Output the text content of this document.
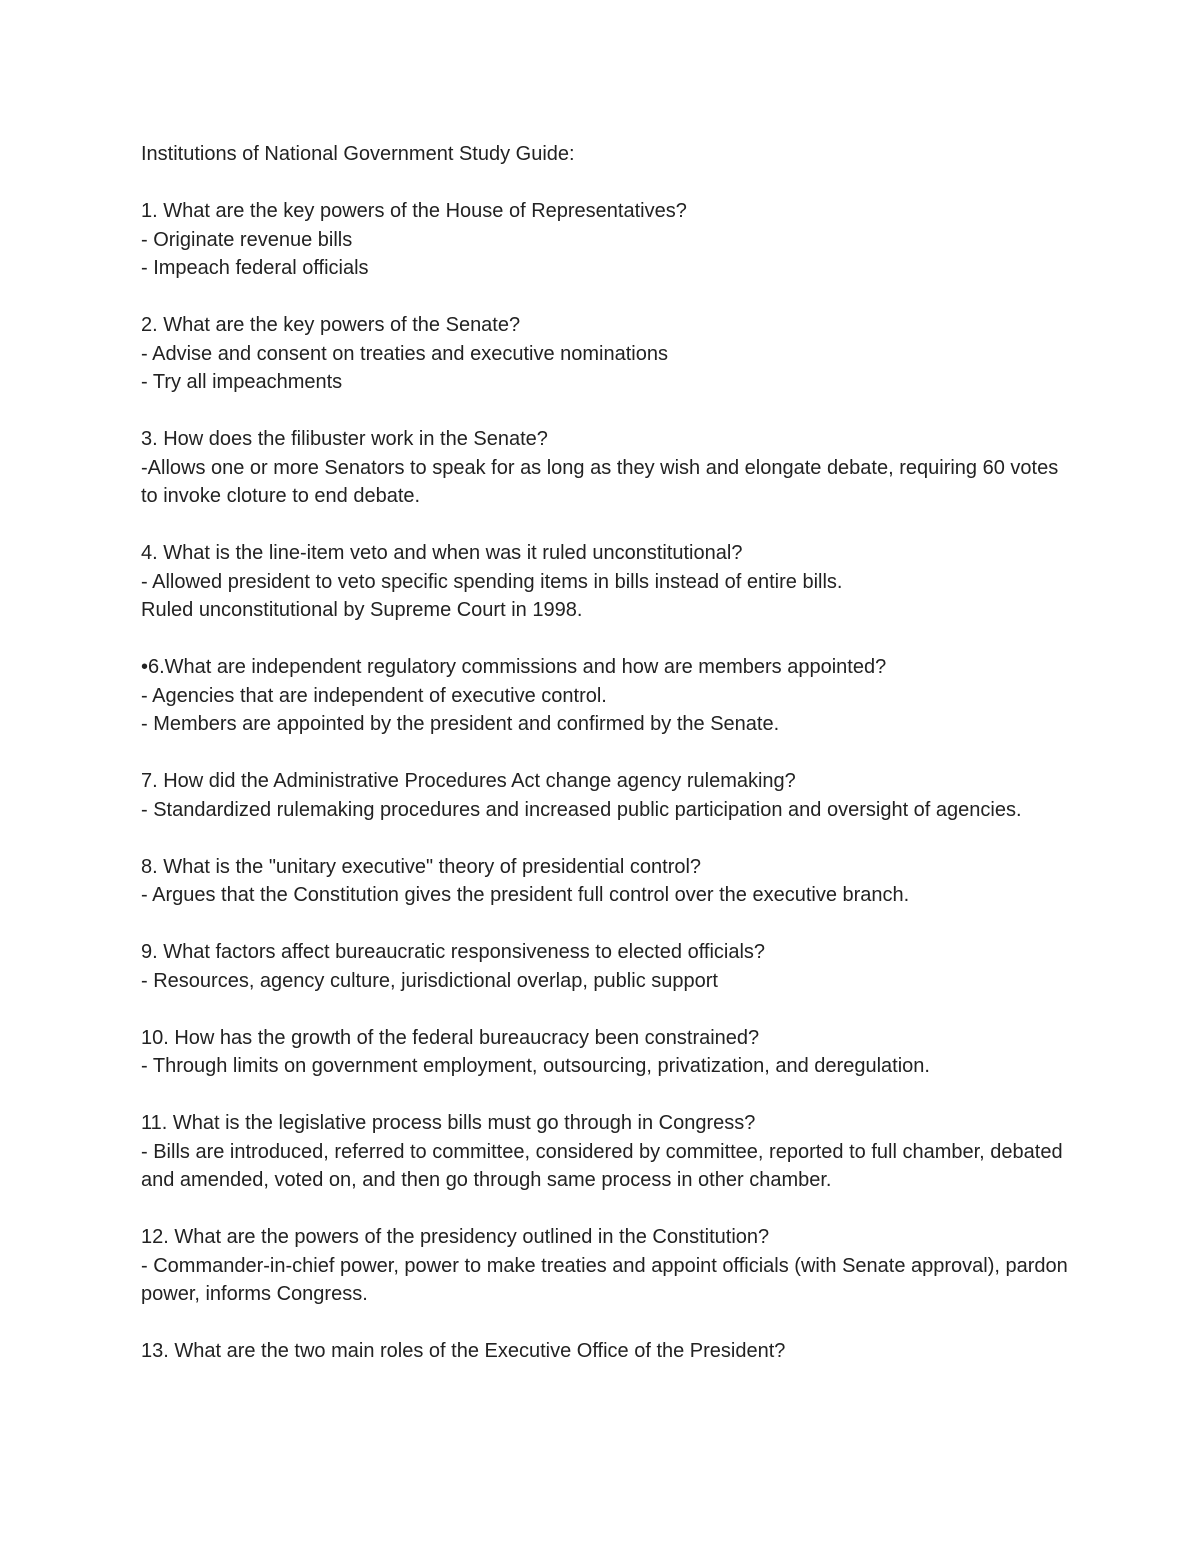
Institutions of National Government Study Guide:
1. What are the key powers of the House of Representatives?
- Originate revenue bills
- Impeach federal officials
2. What are the key powers of the Senate?
- Advise and consent on treaties and executive nominations
- Try all impeachments
3. How does the filibuster work in the Senate?
-Allows one or more Senators to speak for as long as they wish and elongate debate, requiring 60 votes to invoke cloture to end debate.
4. What is the line-item veto and when was it ruled unconstitutional?
- Allowed president to veto specific spending items in bills instead of entire bills.
Ruled unconstitutional by Supreme Court in 1998.
•6.What are independent regulatory commissions and how are members appointed?
- Agencies that are independent of executive control.
- Members are appointed by the president and confirmed by the Senate.
7. How did the Administrative Procedures Act change agency rulemaking?
- Standardized rulemaking procedures and increased public participation and oversight of agencies.
8. What is the "unitary executive" theory of presidential control?
- Argues that the Constitution gives the president full control over the executive branch.
9. What factors affect bureaucratic responsiveness to elected officials?
- Resources, agency culture, jurisdictional overlap, public support
10. How has the growth of the federal bureaucracy been constrained?
- Through limits on government employment, outsourcing, privatization, and deregulation.
11. What is the legislative process bills must go through in Congress?
- Bills are introduced, referred to committee, considered by committee, reported to full chamber, debated and amended, voted on, and then go through same process in other chamber.
12. What are the powers of the presidency outlined in the Constitution?
- Commander-in-chief power, power to make treaties and appoint officials (with Senate approval), pardon power, informs Congress.
13. What are the two main roles of the Executive Office of the President?
